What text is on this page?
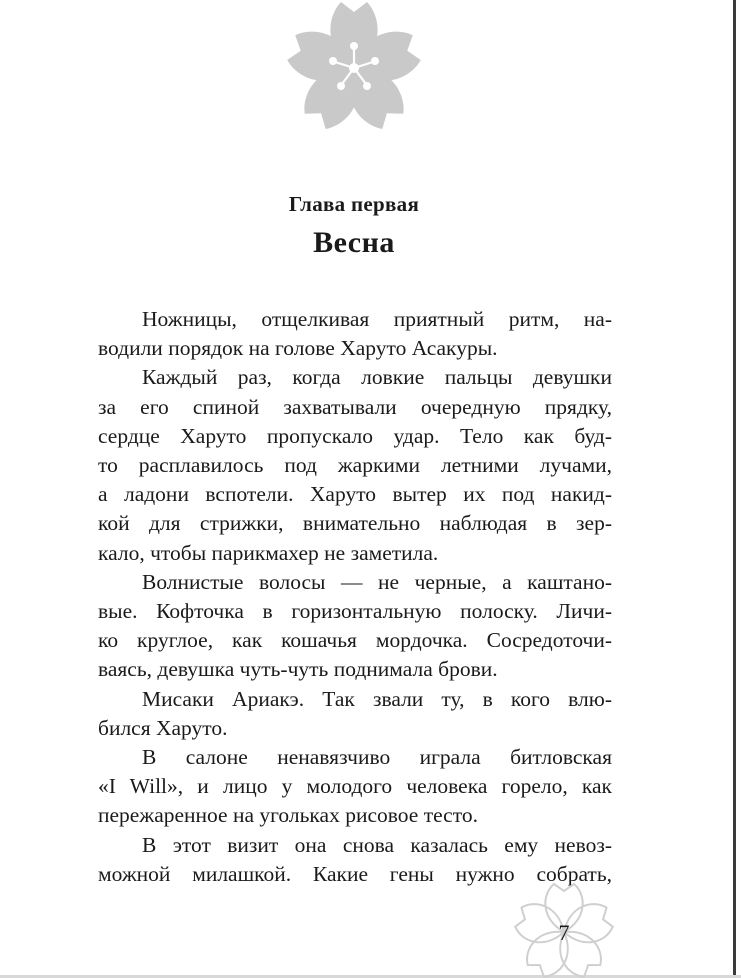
Глава первая
Весна

Ножницы, отщелкивая приятный ритм, на-
водили порядок на голове Харуто Асакуры.

Каждый раз, когда ловкие пальцы девушки
за его спиной захватывали очередную прядку,
сердце Харуто пропускало удар. Тело как буд-
то расплавилось под жаркими летними лучами,
а ладони вспотели. Харуто вытер их под накид-
кой для стрижки, внимательно наблюдая в зер-
кало, чтобы парикмахер не заметила.

Волнистые волосы — не черные, а каштано-
вые. Кофточка в горизонтальную полоску. Личи-
ко круглое, как кошачья мордочка. Сосредоточи-
ваясь, девушка чуть-чуть поднимала брови.

Мисаки Ариакэ. Так звали ту, в кого влю-
бился Харуто.

В салоне ненавязчиво играла битловская
«I Will», и лицо у молодого человека горело, как
пережаренное на угольках рисовое тесто.

В этот визит она снова казалась ему невоз-
можной милашкой. Какие гены нужно собрать,

7
